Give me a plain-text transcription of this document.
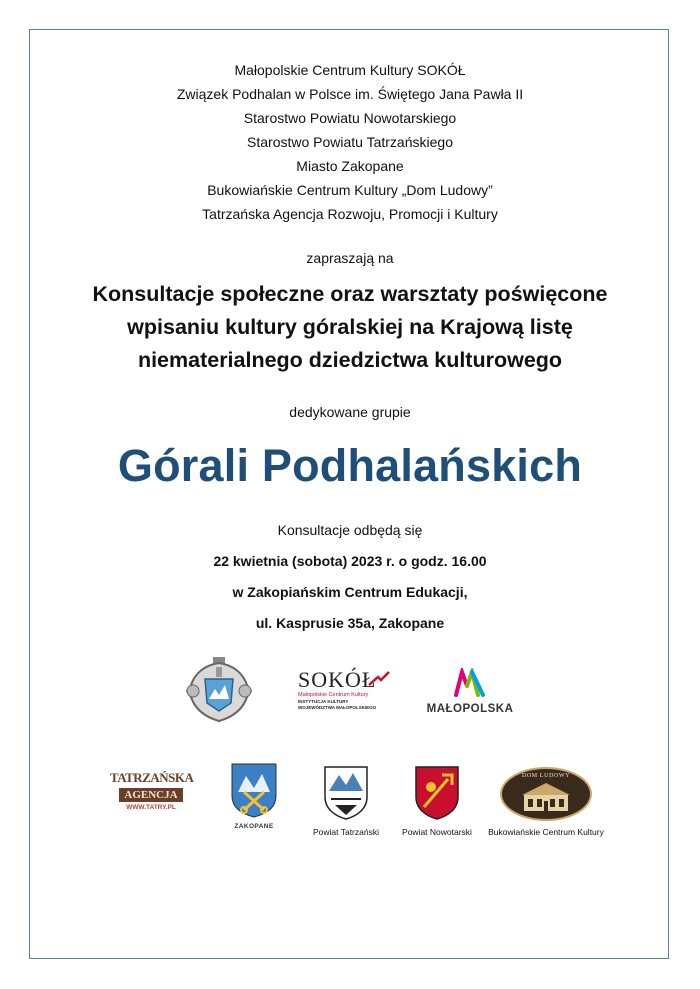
Małopolskie Centrum Kultury SOKÓŁ
Związek Podhalan w Polsce im. Świętego Jana Pawła II
Starostwo Powiatu Nowotarskiego
Starostwo Powiatu Tatrzańskiego
Miasto Zakopane
Bukowiańskie Centrum Kultury „Dom Ludowy”
Tatrzańska Agencja Rozwoju, Promocji i Kultury
zapraszają na
Konsultacje społeczne oraz warsztaty poświęcone
wpisaniu kultury góralskiej na Krajową listę
niematerialnego dziedzictwa kulturowego
dedykowane grupie
Górali Podhalańskich
Konsultacje odbędą się
22 kwietnia (sobota) 2023 r. o godz. 16.00
w Zakopiańskim Centrum Edukacji,
ul. Kasprusie 35a, Zakopane
SOKÓŁ
Małopolskie Centrum Kultury
INSTYTUCJA KULTURY
WOJEWÓDZTWA MAŁOPOLSKIEGO	MAŁOPOLSKA
TATRZAŃSKA
AGENCJA
WWW.TATRY.PL
ZAKOPANE
Powiat Tatrzański	Powiat Nowotarski
DOM LUDOWY
Bukowiańskie Centrum Kultury
